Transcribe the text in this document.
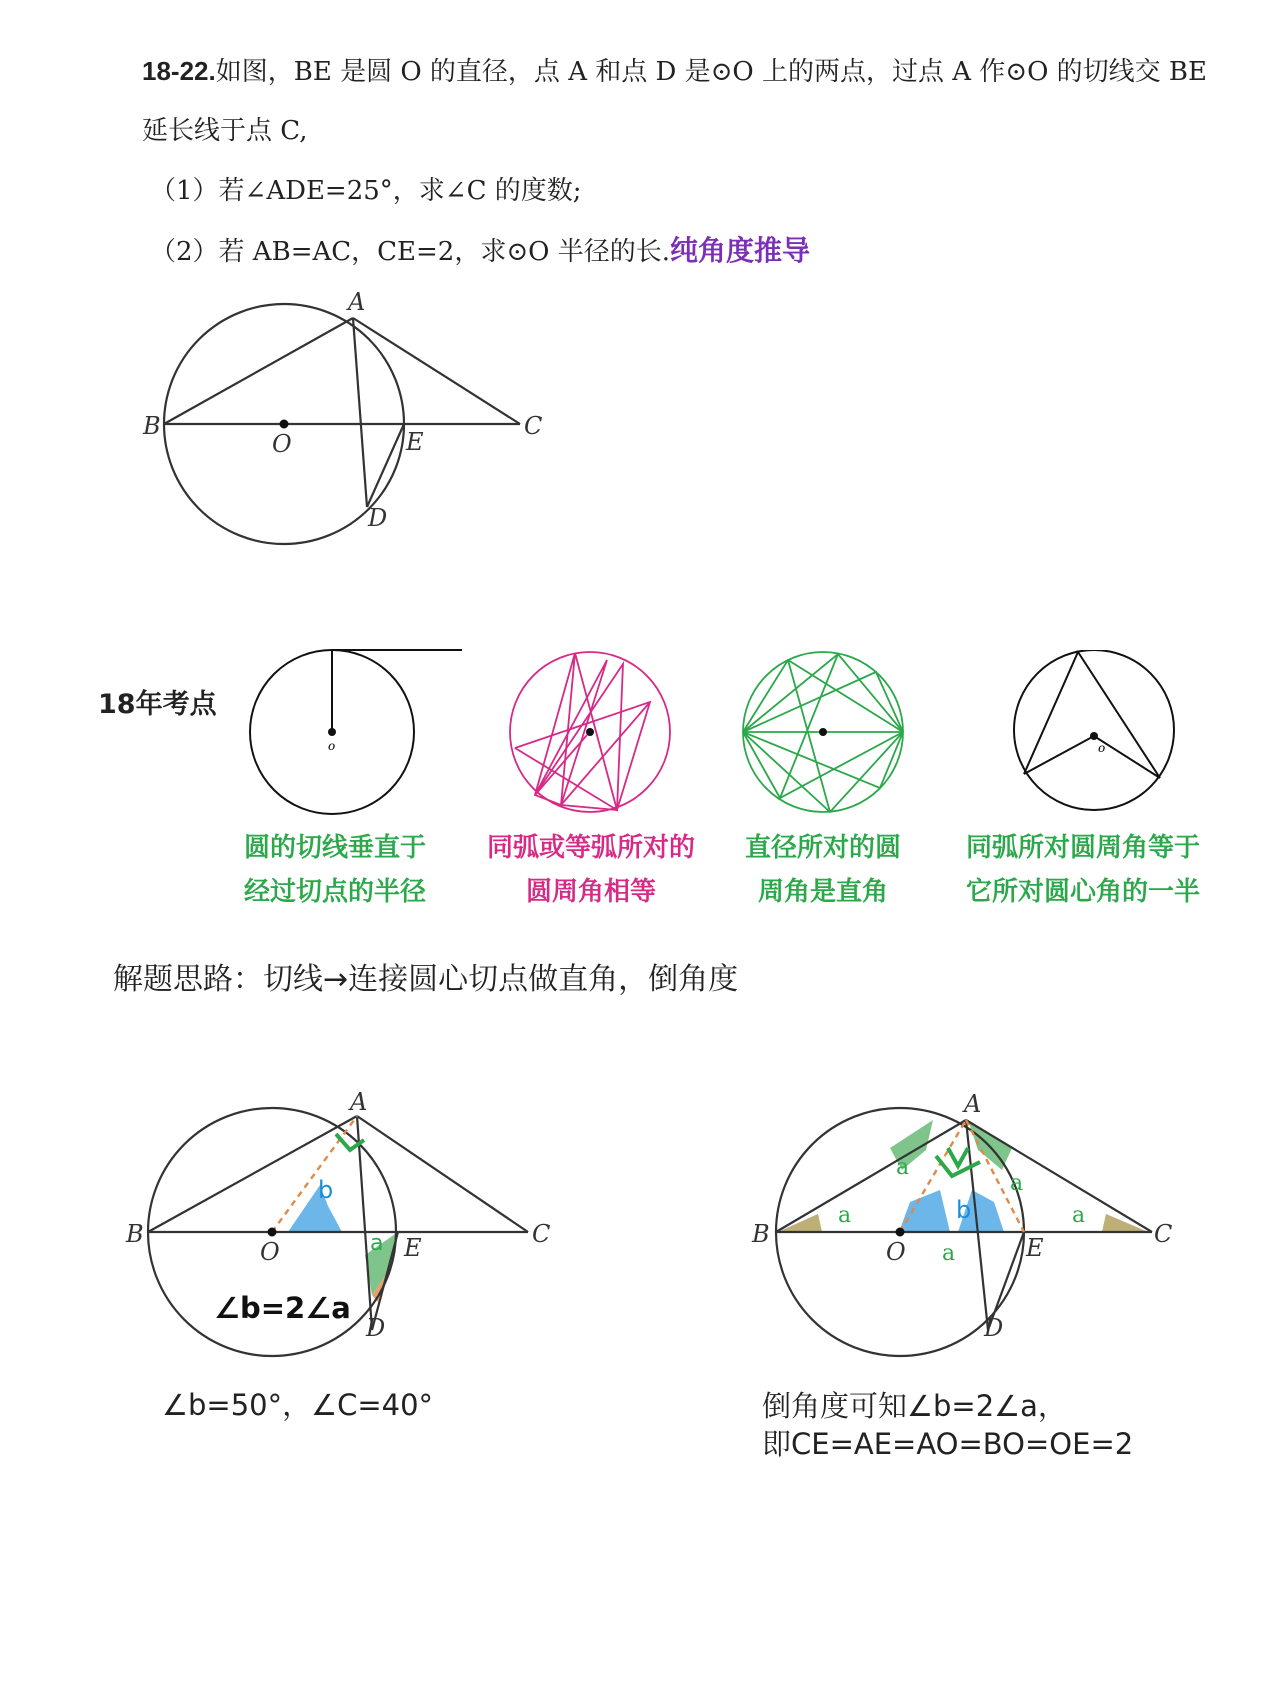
18-22.如图，BE 是圆 O 的直径，点 A 和点 D 是⊙O 上的两点，过点 A 作⊙O 的切线交 BE
延长线于点 C,
（1）若∠ADE=25°，求∠C 的度数;
（2）若 AB=AC，CE=2，求⊙O 半径的长.纯角度推导
A
B	C
O	E
D
18年考点
o	o
圆的切线垂直于
经过切点的半径
同弧或等弧所对的
圆周角相等
直径所对的圆
周角是直角
同弧所对圆周角等于
它所对圆心角的一半
解题思路：切线→连接圆心切点做直角，倒角度
A
B	C
O	E
D
b
a
∠b=2∠a
∠b=50°，∠C=40°
A
B	C
O	E
D
a
a
a
a
a
b
倒角度可知∠b=2∠a，
即CE=AE=AO=BO=OE=2
